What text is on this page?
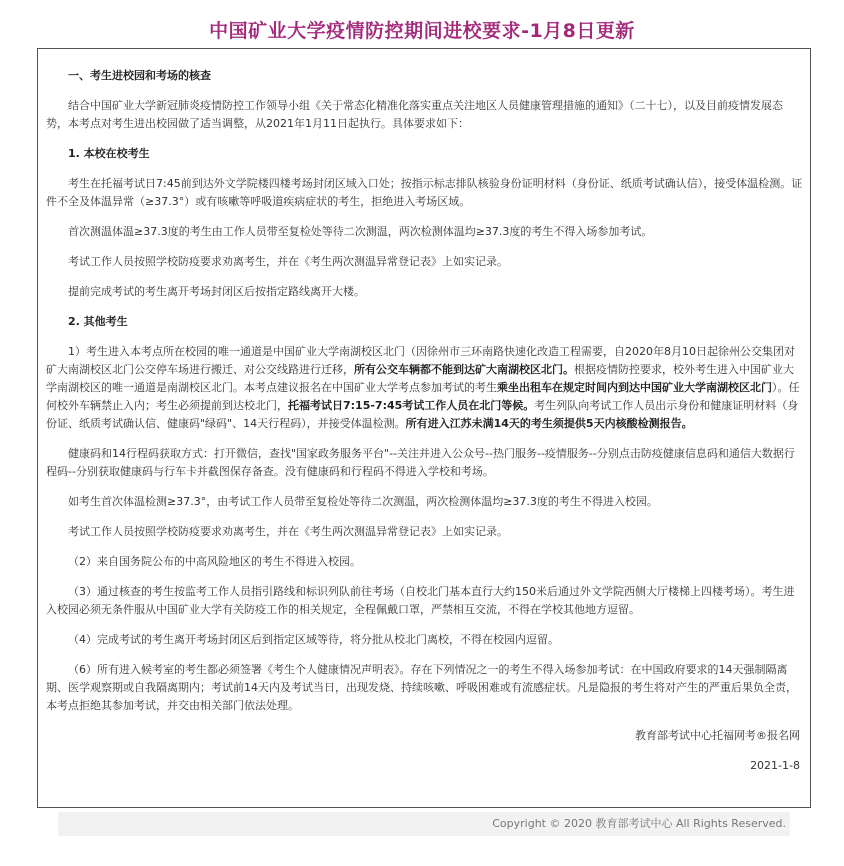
中国矿业大学疫情防控期间进校要求-1月8日更新
一、考生进校园和考场的核查

结合中国矿业大学新冠肺炎疫情防控工作领导小组《关于常态化精准化落实重点关注地区人员健康管理措施的通知》（二十七），以及目前疫情发展态势，本考点对考生进出校园做了适当调整，从2021年1月11日起执行。具体要求如下：

1. 本校在校考生

考生在托福考试日7:45前到达外文学院楼四楼考场封闭区域入口处；按指示标志排队核验身份证明材料（身份证、纸质考试确认信），接受体温检测。证件不全及体温异常（≥37.3°）或有咳嗽等呼吸道疾病症状的考生，拒绝进入考场区域。

首次测温体温≥37.3度的考生由工作人员带至复检处等待二次测温，两次检测体温均≥37.3度的考生不得入场参加考试。

考试工作人员按照学校防疫要求劝离考生，并在《考生两次测温异常登记表》上如实记录。

提前完成考试的考生离开考场封闭区后按指定路线离开大楼。

2. 其他考生

1）考生进入本考点所在校园的唯一通道是中国矿业大学南湖校区北门（因徐州市三环南路快速化改造工程需要，自2020年8月10日起徐州公交集团对矿大南湖校区北门公交停车场进行搬迁、对公交线路进行迁移，所有公交车辆都不能到达矿大南湖校区北门。根据疫情防控要求，校外考生进入中国矿业大学南湖校区的唯一通道是南湖校区北门。本考点建议报名在中国矿业大学考点参加考试的考生乘坐出租车在规定时间内到达中国矿业大学南湖校区北门）。任何校外车辆禁止入内；考生必须提前到达校北门，托福考试日7:15-7:45考试工作人员在北门等候。考生列队向考试工作人员出示身份和健康证明材料（身份证、纸质考试确认信、健康码"绿码"、14天行程码），并接受体温检测。所有进入江苏未满14天的考生须提供5天内核酸检测报告。

健康码和14行程码获取方式：打开微信，查找"国家政务服务平台"--关注并进入公众号--热门服务--疫情服务--分别点击防疫健康信息码和通信大数据行程码--分别获取健康码与行车卡并截图保存备查。没有健康码和行程码不得进入学校和考场。

如考生首次体温检测≥37.3°，由考试工作人员带至复检处等待二次测温，两次检测体温均≥37.3度的考生不得进入校园。

考试工作人员按照学校防疫要求劝离考生，并在《考生两次测温异常登记表》上如实记录。

（2）来自国务院公布的中高风险地区的考生不得进入校园。

（3）通过核查的考生按监考工作人员指引路线和标识列队前往考场（自校北门基本直行大约150米后通过外文学院西侧大厅楼梯上四楼考场）。考生进入校园必须无条件服从中国矿业大学有关防疫工作的相关规定，全程佩戴口罩，严禁相互交流，不得在学校其他地方逗留。

（4）完成考试的考生离开考场封闭区后到指定区域等待，将分批从校北门离校，不得在校园内逗留。

（6）所有进入候考室的考生都必须签署《考生个人健康情况声明表》。存在下列情况之一的考生不得入场参加考试：在中国政府要求的14天强制隔离期、医学观察期或自我隔离期内；考试前14天内及考试当日，出现发烧、持续咳嗽、呼吸困难或有流感症状。凡是隐报的考生将对产生的严重后果负全责，本考点拒绝其参加考试，并交由相关部门依法处理。

教育部考试中心托福网考®报名网

2021-1-8

Copyright © 2020 教育部考试中心 All Rights Reserved.
